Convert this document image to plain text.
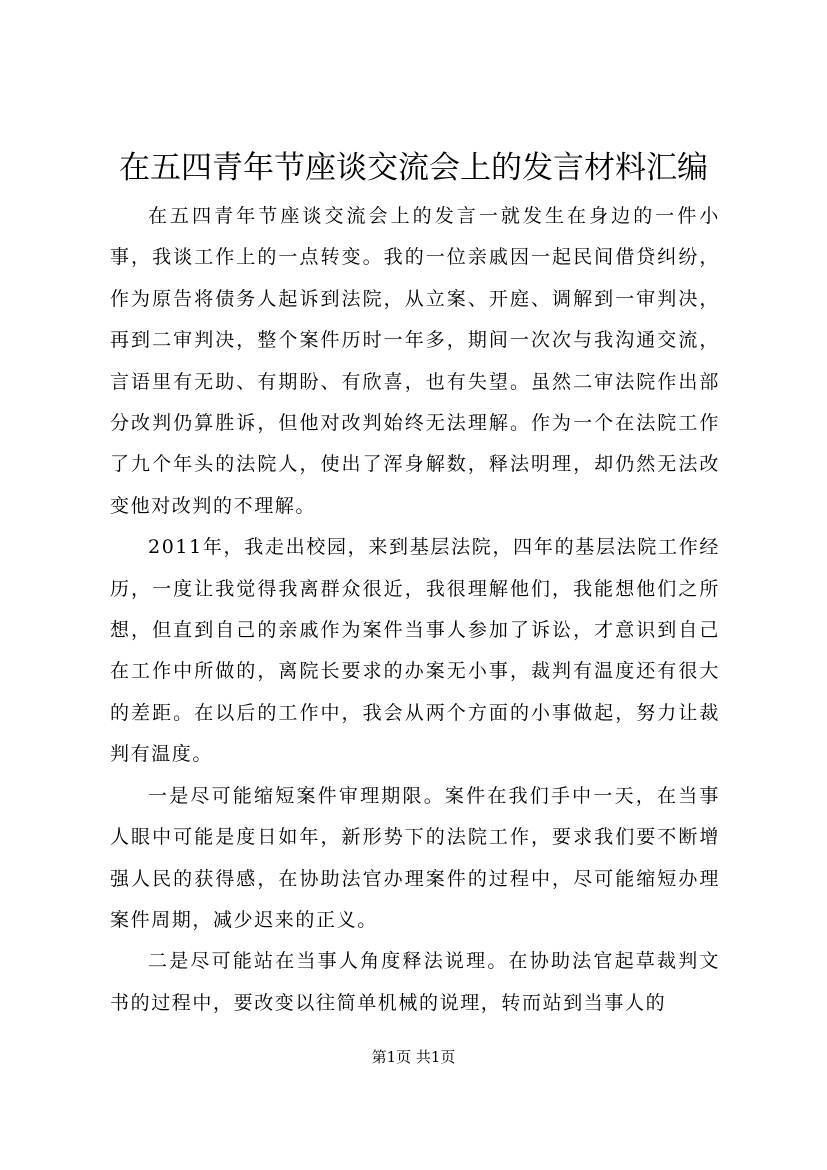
在五四青年节座谈交流会上的发言材料汇编

在五四青年节座谈交流会上的发言一就发生在身边的一件小事，我谈工作上的一点转变。我的一位亲戚因一起民间借贷纠纷，作为原告将债务人起诉到法院，从立案、开庭、调解到一审判决，再到二审判决，整个案件历时一年多，期间一次次与我沟通交流，言语里有无助、有期盼、有欣喜，也有失望。虽然二审法院作出部分改判仍算胜诉，但他对改判始终无法理解。作为一个在法院工作了九个年头的法院人，使出了浑身解数，释法明理，却仍然无法改变他对改判的不理解。

2011年，我走出校园，来到基层法院，四年的基层法院工作经历，一度让我觉得我离群众很近，我很理解他们，我能想他们之所想，但直到自己的亲戚作为案件当事人参加了诉讼，才意识到自己在工作中所做的，离院长要求的办案无小事，裁判有温度还有很大的差距。在以后的工作中，我会从两个方面的小事做起，努力让裁判有温度。

一是尽可能缩短案件审理期限。案件在我们手中一天，在当事人眼中可能是度日如年，新形势下的法院工作，要求我们要不断增强人民的获得感，在协助法官办理案件的过程中，尽可能缩短办理案件周期，减少迟来的正义。

二是尽可能站在当事人角度释法说理。在协助法官起草裁判文书的过程中，要改变以往简单机械的说理，转而站到当事人的

第1页 共1页
